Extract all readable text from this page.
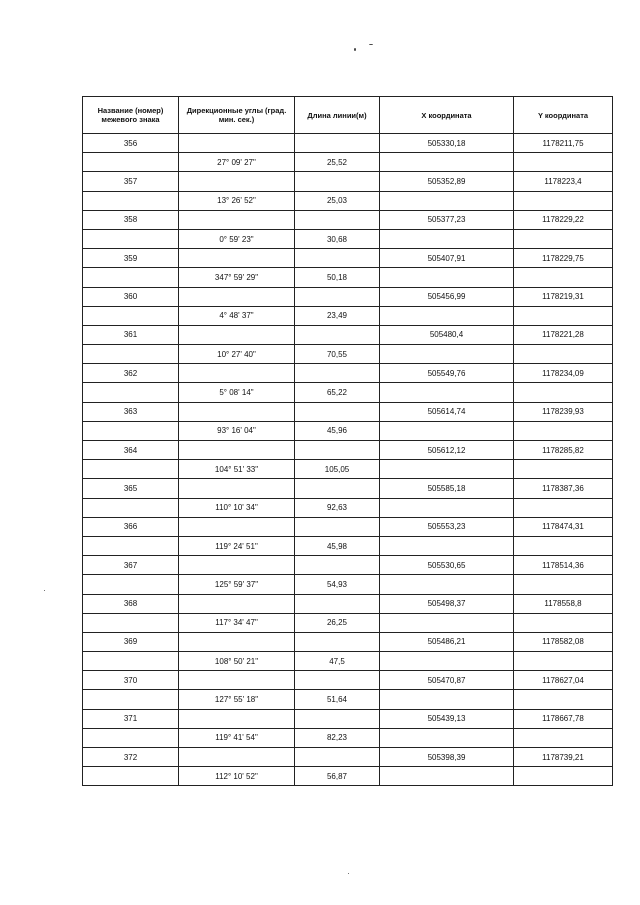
Название (номер) межевого знака	Дирекционные углы (град. мин. сек.)	Длина линии(м)	X координата	Y координата
356			505330,18	1178211,75
	27° 09' 27"	25,52		
357			505352,89	1178223,4
	13° 26' 52"	25,03		
358			505377,23	1178229,22
	0° 59' 23"	30,68		
359			505407,91	1178229,75
	347° 59' 29"	50,18		
360			505456,99	1178219,31
	4° 48' 37"	23,49		
361			505480,4	1178221,28
	10° 27' 40"	70,55		
362			505549,76	1178234,09
	5° 08' 14"	65,22		
363			505614,74	1178239,93
	93° 16' 04"	45,96		
364			505612,12	1178285,82
	104° 51' 33"	105,05		
365			505585,18	1178387,36
	110° 10' 34"	92,63		
366			505553,23	1178474,31
	119° 24' 51"	45,98		
367			505530,65	1178514,36
	125° 59' 37"	54,93		
368			505498,37	1178558,8
	117° 34' 47"	26,25		
369			505486,21	1178582,08
	108° 50' 21"	47,5		
370			505470,87	1178627,04
	127° 55' 18"	51,64		
371			505439,13	1178667,78
	119° 41' 54"	82,23		
372			505398,39	1178739,21
	112° 10' 52"	56,87		
